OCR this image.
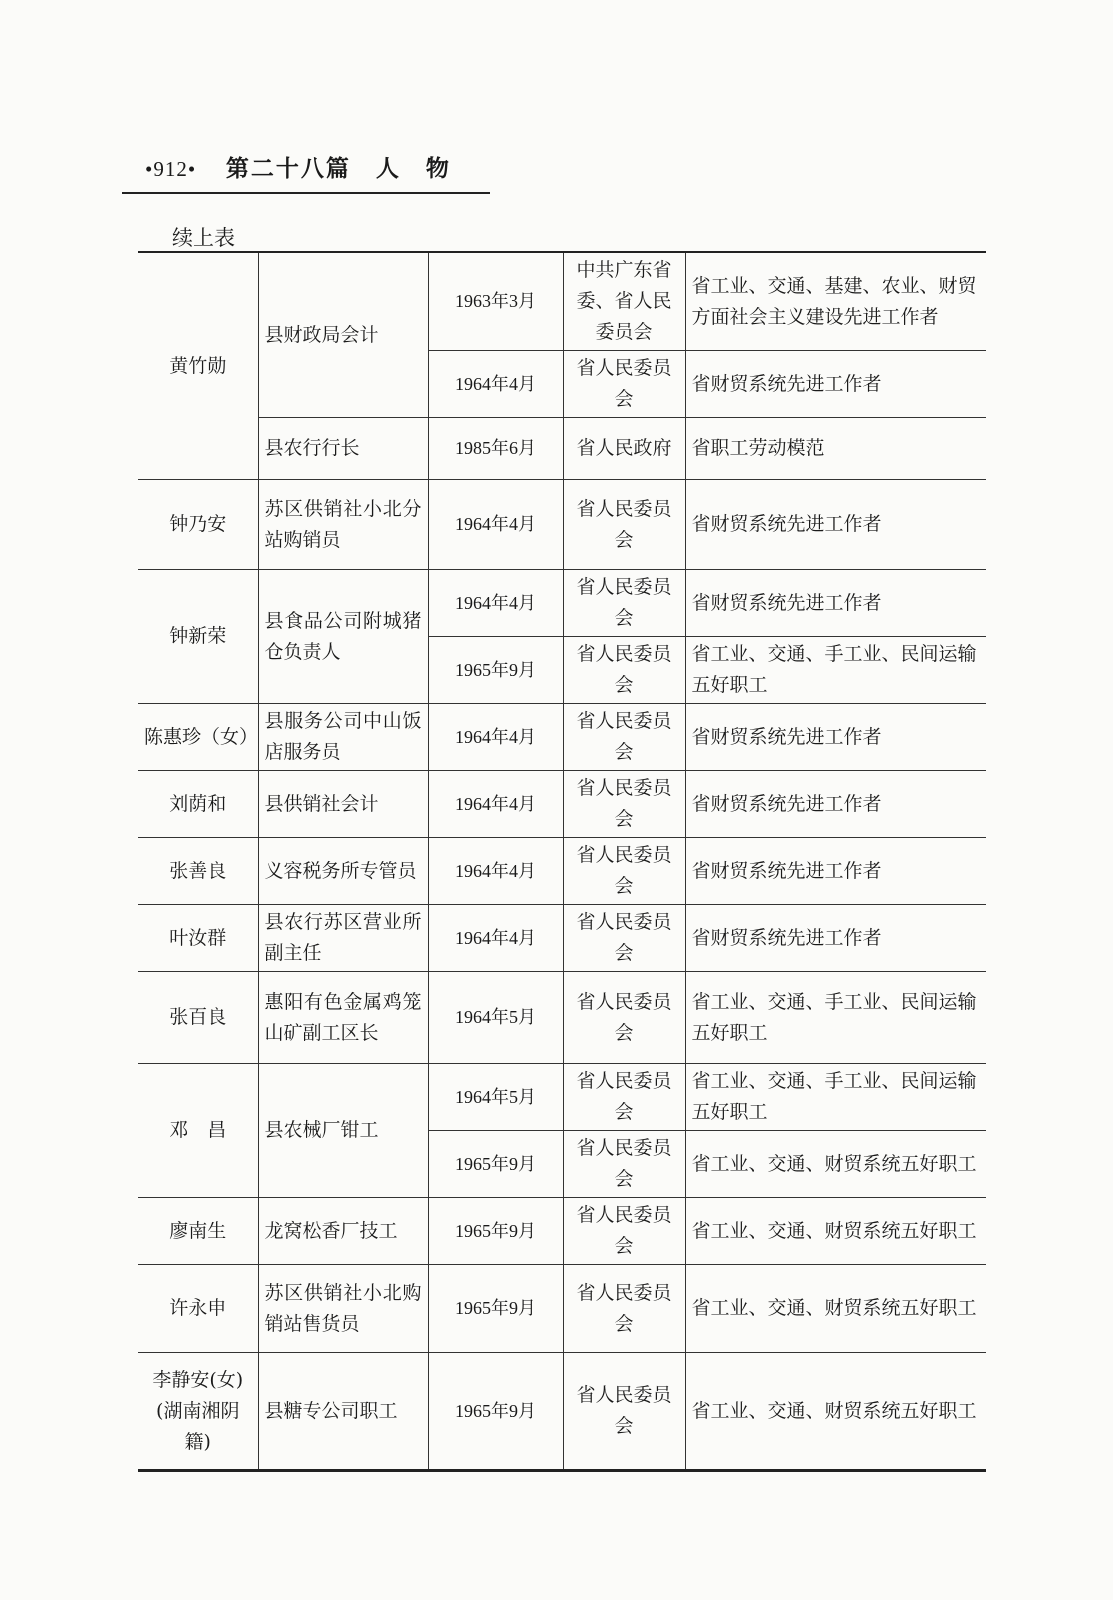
•912• 第二十八篇　人　物
续上表
黄竹勋	县财政局会计	1963年3月	中共广东省委、省人民委员会	省工业、交通、基建、农业、财贸方面社会主义建设先进工作者
		1964年4月	省人民委员会	省财贸系统先进工作者
	县农行行长	1985年6月	省人民政府	省职工劳动模范
钟乃安	苏区供销社小北分站购销员	1964年4月	省人民委员会	省财贸系统先进工作者
钟新荣	县食品公司附城猪仓负责人	1964年4月	省人民委员会	省财贸系统先进工作者
		1965年9月	省人民委员会	省工业、交通、手工业、民间运输五好职工
陈惠珍（女）	县服务公司中山饭店服务员	1964年4月	省人民委员会	省财贸系统先进工作者
刘荫和	县供销社会计	1964年4月	省人民委员会	省财贸系统先进工作者
张善良	义容税务所专管员	1964年4月	省人民委员会	省财贸系统先进工作者
叶汝群	县农行苏区营业所副主任	1964年4月	省人民委员会	省财贸系统先进工作者
张百良	惠阳有色金属鸡笼山矿副工区长	1964年5月	省人民委员会	省工业、交通、手工业、民间运输五好职工
邓　昌	县农械厂钳工	1964年5月	省人民委员会	省工业、交通、手工业、民间运输五好职工
		1965年9月	省人民委员会	省工业、交通、财贸系统五好职工
廖南生	龙窝松香厂技工	1965年9月	省人民委员会	省工业、交通、财贸系统五好职工
许永申	苏区供销社小北购销站售货员	1965年9月	省人民委员会	省工业、交通、财贸系统五好职工
李静安(女)(湖南湘阴籍)	县糖专公司职工	1965年9月	省人民委员会	省工业、交通、财贸系统五好职工
